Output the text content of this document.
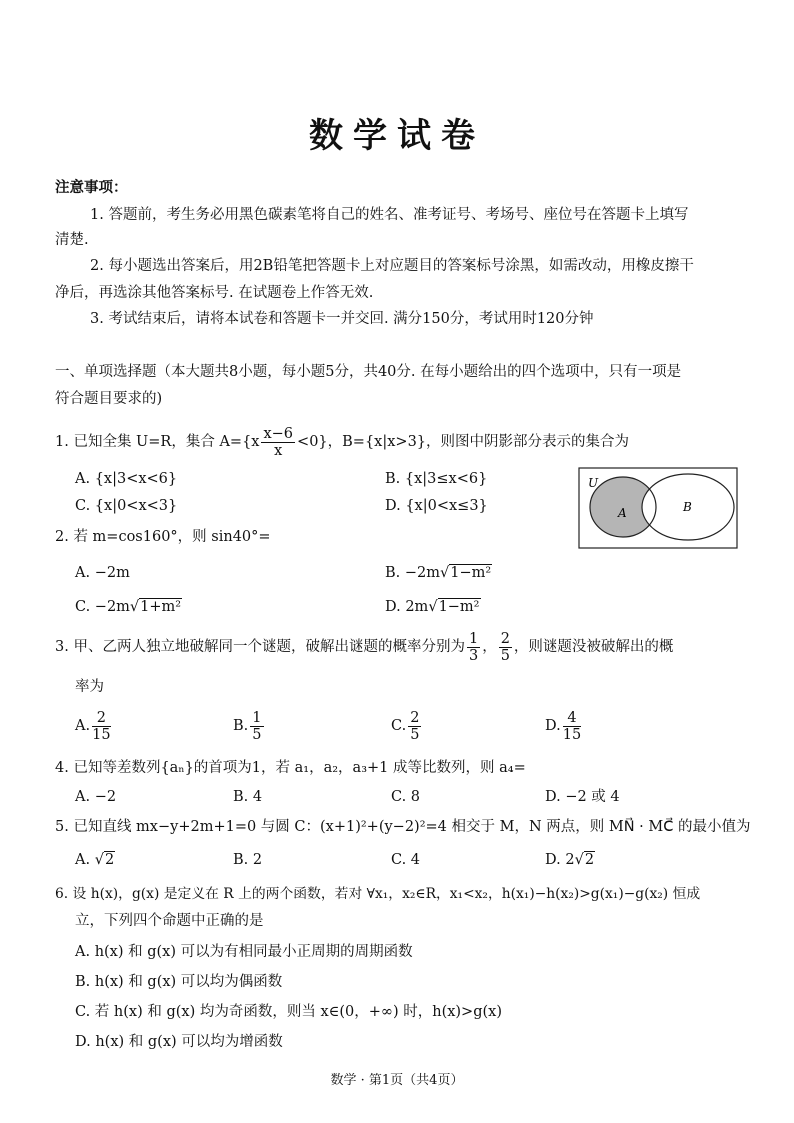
数学试卷
注意事项：
1. 答题前，考生务必用黑色碳素笔将自己的姓名、准考证号、考场号、座位号在答题卡上填写
清楚.
2. 每小题选出答案后，用2B铅笔把答题卡上对应题目的答案标号涂黑，如需改动，用橡皮擦干
净后，再选涂其他答案标号. 在试题卷上作答无效.
3. 考试结束后，请将本试卷和答题卡一并交回. 满分150分，考试用时120分钟
一、单项选择题（本大题共8小题，每小题5分，共40分. 在每小题给出的四个选项中，只有一项是
符合题目要求的)
1. 已知全集 U=R，集合 $A=\{x \frac{x-6}{x} <0\}$，B={x|x>3}，则图中阴影部分表示的集合为
A. {x|3<x<6}	B. {x|3≤x<6}
C. {x|0<x<3}	D. {x|0<x≤3}
U
A	B
2. 若 m=cos160°，则 sin40°=
A. −2m	B. −2m√1−m²
C. −2m√1+m²	D. 2m√1−m²
3. 甲、乙两人独立地破解同一个谜题，破解出谜题的概率分别为 $\frac{1}{3}$ ， $\frac{2}{5}$ ，则谜题没被破解出的概
率为
A. $\frac{2}{15}$	B. $\frac{1}{5}$	C. $\frac{2}{5}$	D. $\frac{4}{15}$
4. 已知等差数列{aₙ}的首项为1，若 a₁，a₂，a₃+1 成等比数列，则 a₄=
A. −2	B. 4	C. 8	D. −2 或 4
5. 已知直线 mx−y+2m+1=0 与圆 C：(x+1)²+(y−2)²=4 相交于 M，N 两点，则 MN⃗ · MC⃗ 的最小值为
A. √2	B. 2	C. 4	D. 2√2
6. 设 h(x)，g(x) 是定义在 R 上的两个函数，若对 ∀x₁，x₂∈R，x₁<x₂，h(x₁)−h(x₂)>g(x₁)−g(x₂) 恒成
立，下列四个命题中正确的是
A. h(x) 和 g(x) 可以为有相同最小正周期的周期函数
B. h(x) 和 g(x) 可以均为偶函数
C. 若 h(x) 和 g(x) 均为奇函数，则当 x∈(0，+∞) 时，h(x)>g(x)
D. h(x) 和 g(x) 可以均为增函数
数学 · 第1页（共4页）
